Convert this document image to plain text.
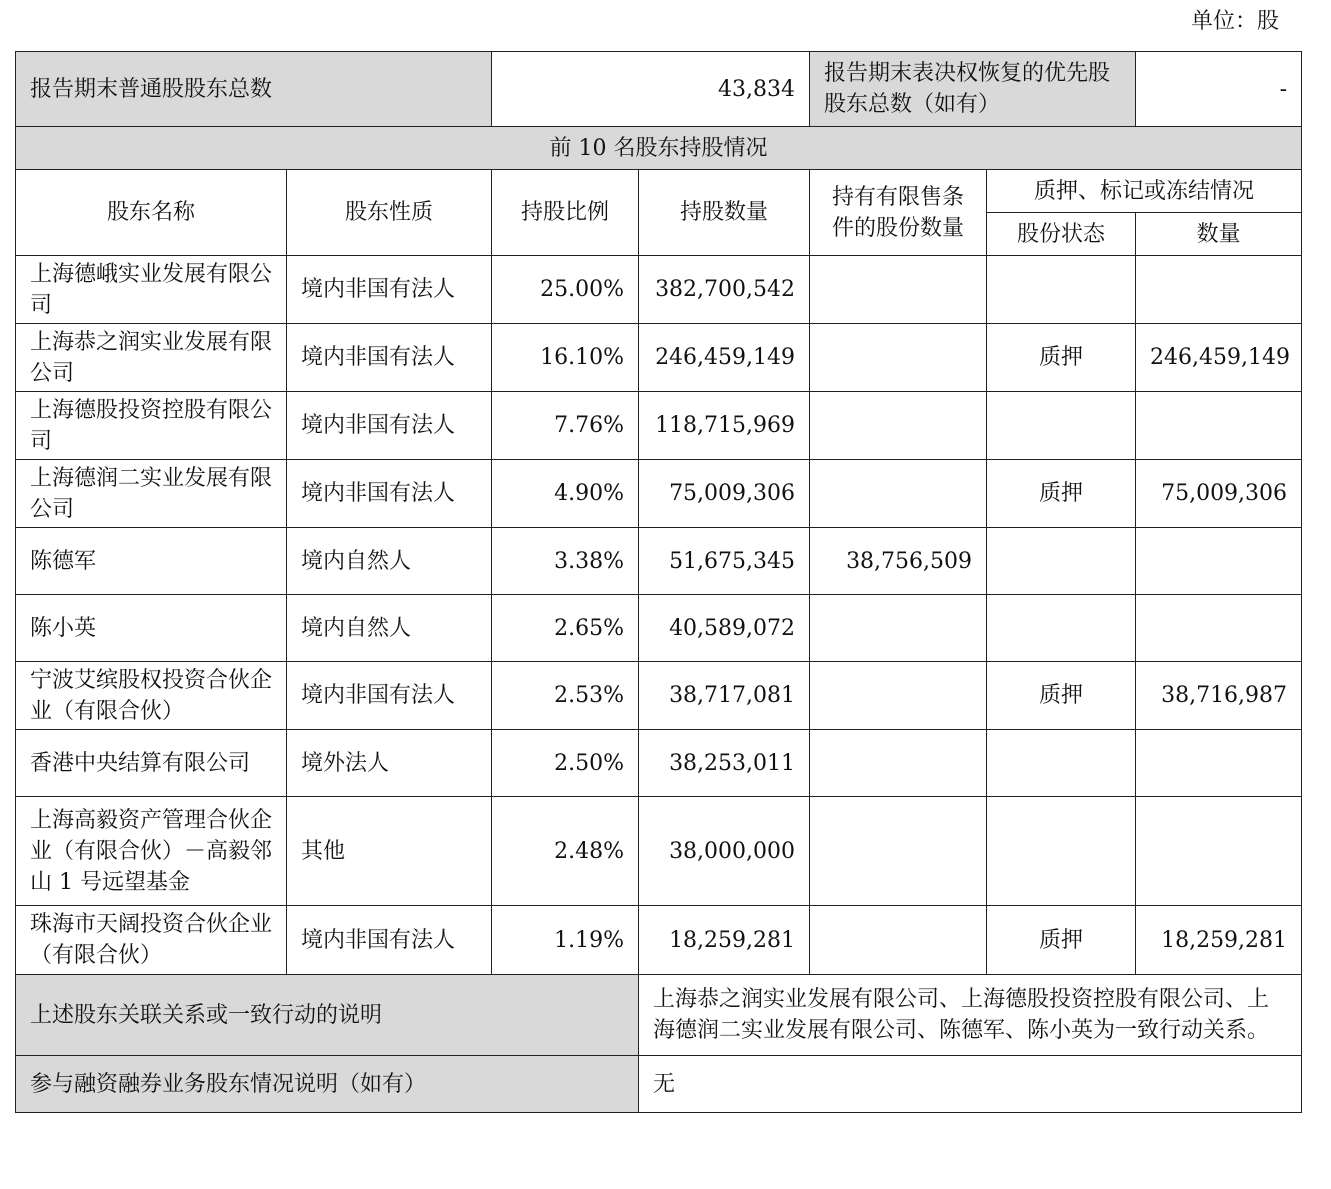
单位：股
报告期末普通股股东总数		43,834		报告期末表决权恢复的优先股股东总数（如有）		-
前 10 名股东持股情况						
股东名称	股东性质	持股比例	持股数量	持有有限售条件的股份数量	质押、标记或冻结情况	
					股份状态	数量
上海德峨实业发展有限公司	境内非国有法人	25.00%	382,700,542			
上海恭之润实业发展有限公司	境内非国有法人	16.10%	246,459,149		质押	246,459,149
上海德股投资控股有限公司	境内非国有法人	7.76%	118,715,969			
上海德润二实业发展有限公司	境内非国有法人	4.90%	75,009,306		质押	75,009,306
陈德军	境内自然人	3.38%	51,675,345	38,756,509		
陈小英	境内自然人	2.65%	40,589,072			
宁波艾缤股权投资合伙企业（有限合伙）	境内非国有法人	2.53%	38,717,081		质押	38,716,987
香港中央结算有限公司	境外法人	2.50%	38,253,011			
上海高毅资产管理合伙企业（有限合伙）－高毅邻山 1 号远望基金	其他	2.48%	38,000,000			
珠海市天阔投资合伙企业（有限合伙）	境内非国有法人	1.19%	18,259,281		质押	18,259,281
上述股东关联关系或一致行动的说明			上海恭之润实业发展有限公司、上海德股投资控股有限公司、上海德润二实业发展有限公司、陈德军、陈小英为一致行动关系。			
参与融资融券业务股东情况说明（如有）			无			
